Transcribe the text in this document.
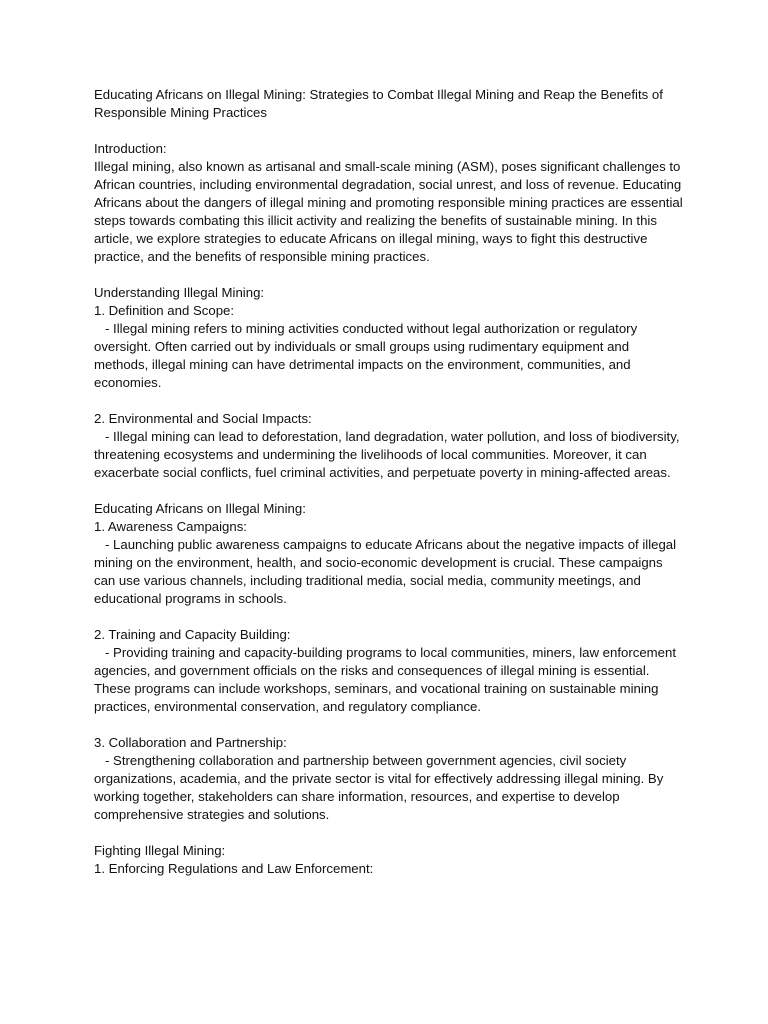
Educating Africans on Illegal Mining: Strategies to Combat Illegal Mining and Reap the Benefits of Responsible Mining Practices

Introduction:

Illegal mining, also known as artisanal and small-scale mining (ASM), poses significant challenges to African countries, including environmental degradation, social unrest, and loss of revenue. Educating Africans about the dangers of illegal mining and promoting responsible mining practices are essential steps towards combating this illicit activity and realizing the benefits of sustainable mining. In this article, we explore strategies to educate Africans on illegal mining, ways to fight this destructive practice, and the benefits of responsible mining practices.

Understanding Illegal Mining:
1. Definition and Scope:

- Illegal mining refers to mining activities conducted without legal authorization or regulatory oversight. Often carried out by individuals or small groups using rudimentary equipment and methods, illegal mining can have detrimental impacts on the environment, communities, and economies.

2. Environmental and Social Impacts:

- Illegal mining can lead to deforestation, land degradation, water pollution, and loss of biodiversity, threatening ecosystems and undermining the livelihoods of local communities. Moreover, it can exacerbate social conflicts, fuel criminal activities, and perpetuate poverty in mining-affected areas.

Educating Africans on Illegal Mining:
1. Awareness Campaigns:

- Launching public awareness campaigns to educate Africans about the negative impacts of illegal mining on the environment, health, and socio-economic development is crucial. These campaigns can use various channels, including traditional media, social media, community meetings, and educational programs in schools.

2. Training and Capacity Building:

- Providing training and capacity-building programs to local communities, miners, law enforcement agencies, and government officials on the risks and consequences of illegal mining is essential. These programs can include workshops, seminars, and vocational training on sustainable mining practices, environmental conservation, and regulatory compliance.

3. Collaboration and Partnership:

- Strengthening collaboration and partnership between government agencies, civil society organizations, academia, and the private sector is vital for effectively addressing illegal mining. By working together, stakeholders can share information, resources, and expertise to develop comprehensive strategies and solutions.

Fighting Illegal Mining:
1. Enforcing Regulations and Law Enforcement:
